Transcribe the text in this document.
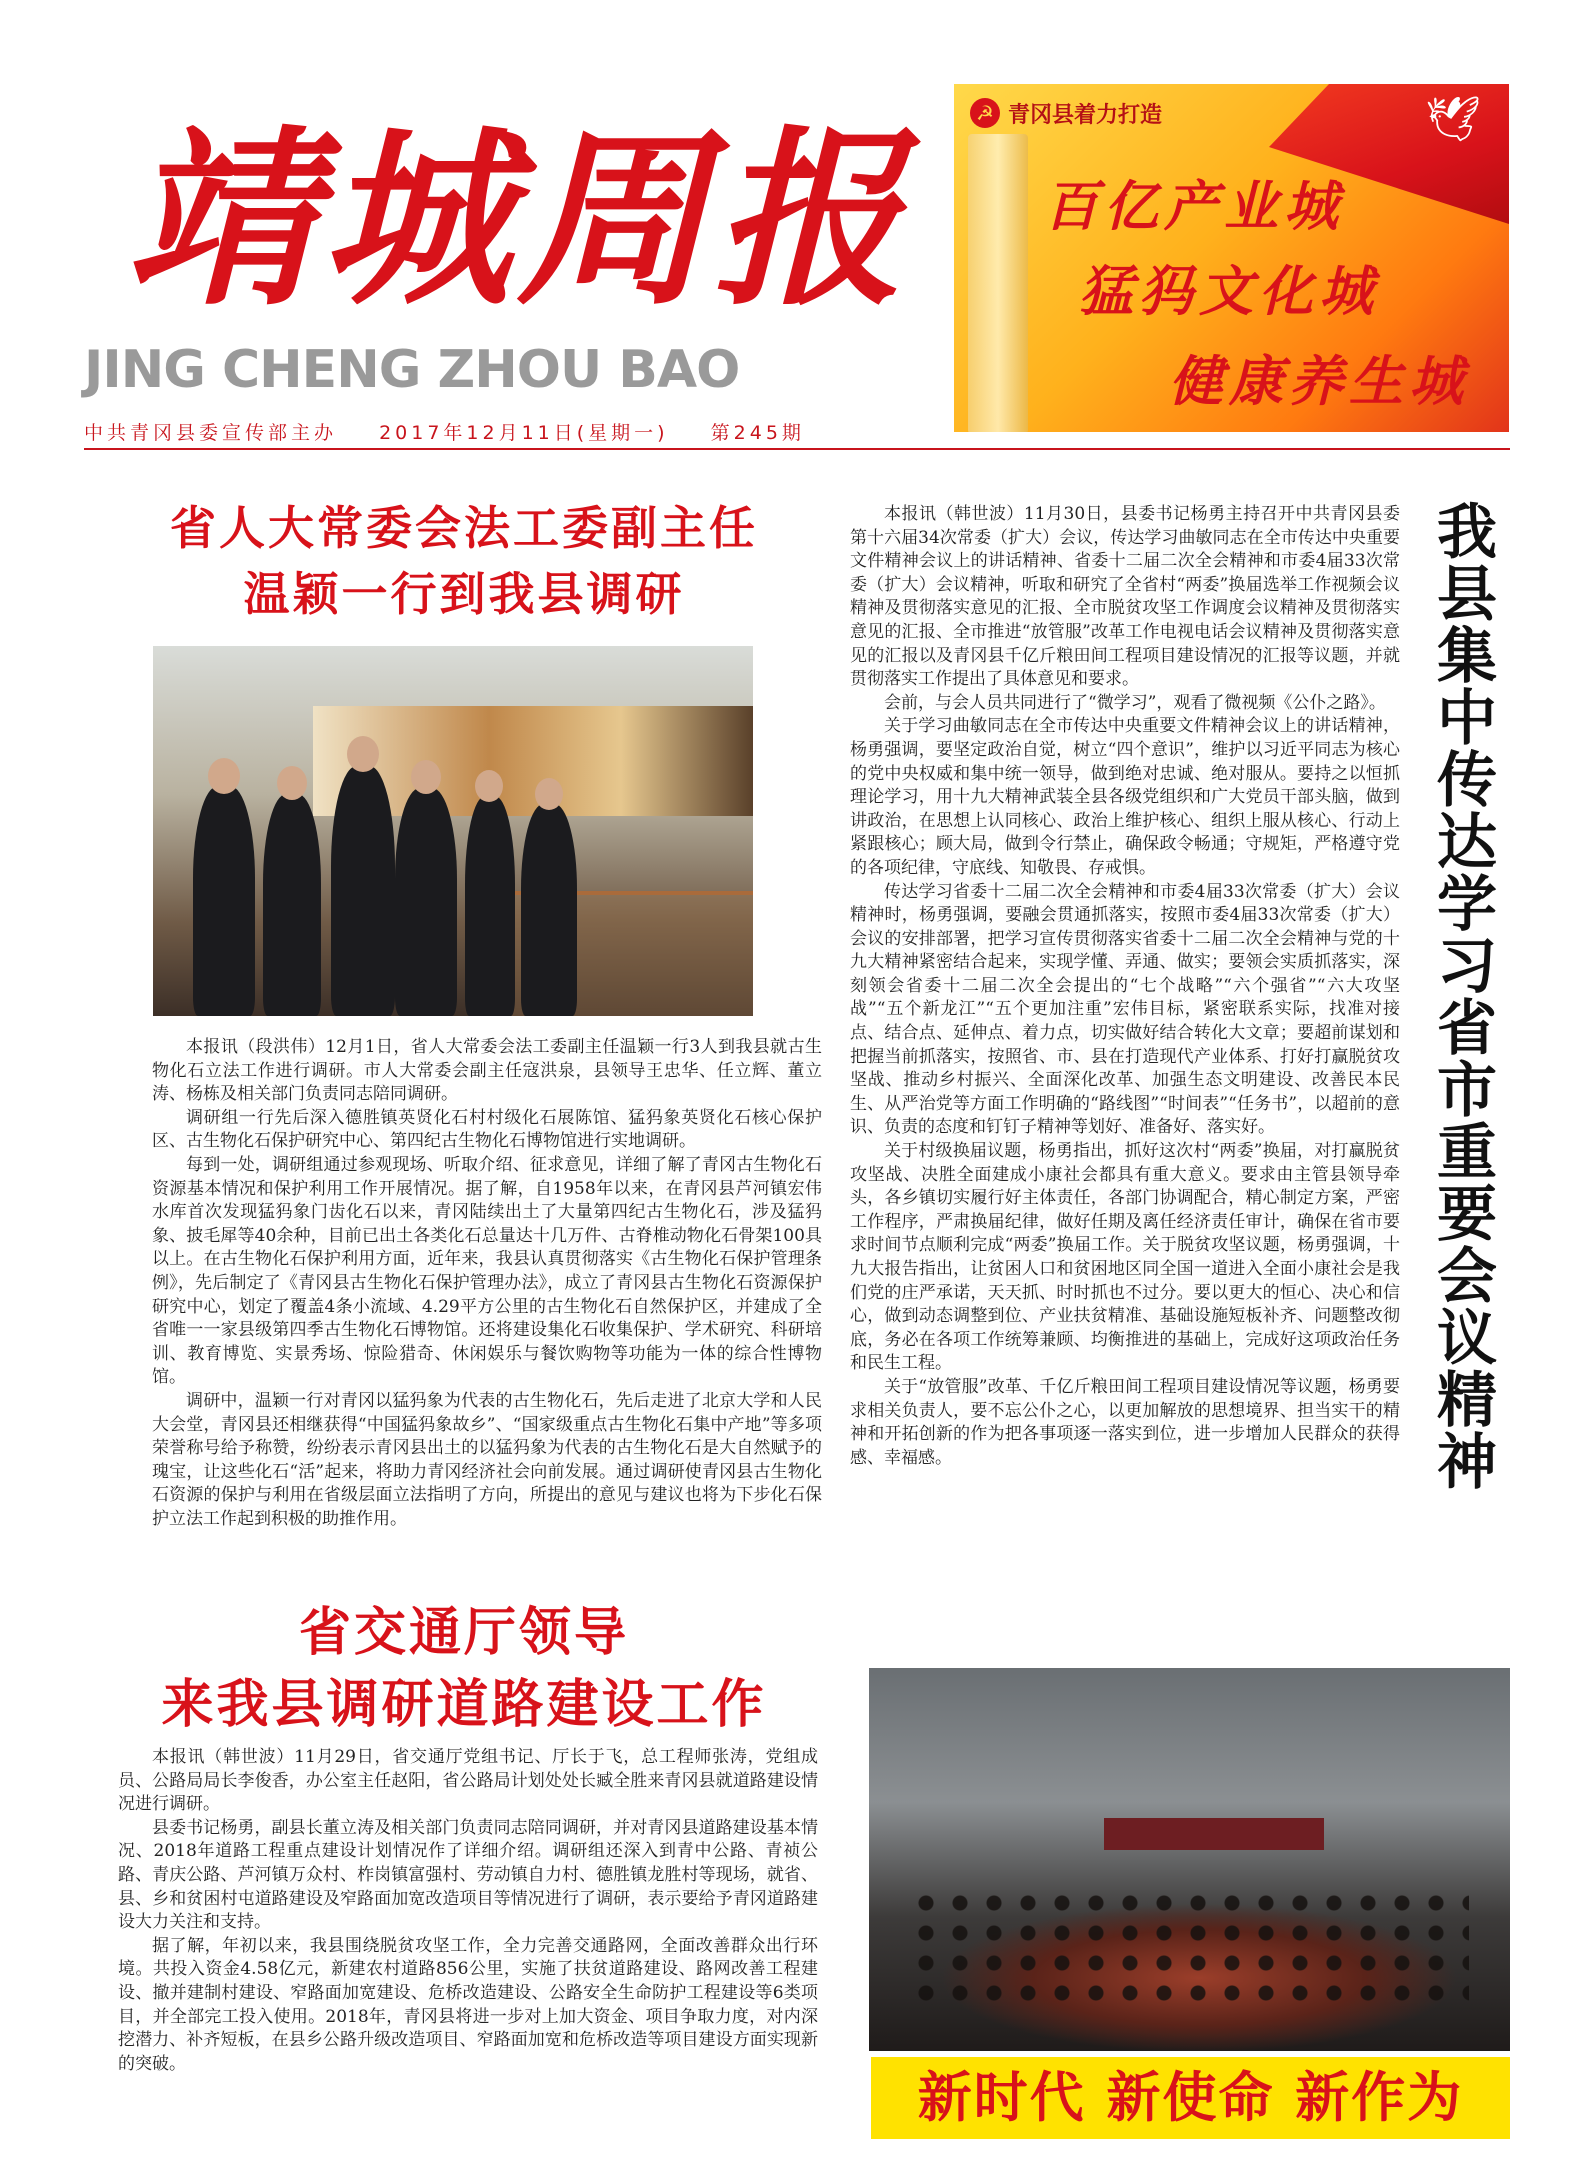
靖城周报
JING CHENG ZHOU BAO
中共青冈县委宣传部主办 2017年12月11日(星期一) 第245期
🕊
☭ 青冈县着力打造
百亿产业城
猛犸文化城
健康养生城
省人大常委会法工委副主任
温颖一行到我县调研

本报讯（段洪伟）12月1日，省人大常委会法工委副主任温颖一行3人到我县就古生物化石立法工作进行调研。市人大常委会副主任寇洪泉，县领导王忠华、任立辉、董立涛、杨栋及相关部门负责同志陪同调研。

调研组一行先后深入德胜镇英贤化石村村级化石展陈馆、猛犸象英贤化石核心保护区、古生物化石保护研究中心、第四纪古生物化石博物馆进行实地调研。

每到一处，调研组通过参观现场、听取介绍、征求意见，详细了解了青冈古生物化石资源基本情况和保护利用工作开展情况。据了解，自1958年以来，在青冈县芦河镇宏伟水库首次发现猛犸象门齿化石以来，青冈陆续出土了大量第四纪古生物化石，涉及猛犸象、披毛犀等40余种，目前已出土各类化石总量达十几万件、古脊椎动物化石骨架100具以上。在古生物化石保护利用方面，近年来，我县认真贯彻落实《古生物化石保护管理条例》，先后制定了《青冈县古生物化石保护管理办法》，成立了青冈县古生物化石资源保护研究中心，划定了覆盖4条小流域、4.29平方公里的古生物化石自然保护区，并建成了全省唯一一家县级第四季古生物化石博物馆。还将建设集化石收集保护、学术研究、科研培训、教育博览、实景秀场、惊险猎奇、休闲娱乐与餐饮购物等功能为一体的综合性博物馆。

调研中，温颖一行对青冈以猛犸象为代表的古生物化石，先后走进了北京大学和人民大会堂，青冈县还相继获得“中国猛犸象故乡”、“国家级重点古生物化石集中产地”等多项荣誉称号给予称赞，纷纷表示青冈县出土的以猛犸象为代表的古生物化石是大自然赋予的瑰宝，让这些化石“活”起来，将助力青冈经济社会向前发展。通过调研使青冈县古生物化石资源的保护与利用在省级层面立法指明了方向，所提出的意见与建议也将为下步化石保护立法工作起到积极的助推作用。

我县集中传达学习省市重要会议精神

本报讯（韩世波）11月30日，县委书记杨勇主持召开中共青冈县委第十六届34次常委（扩大）会议，传达学习曲敏同志在全市传达中央重要文件精神会议上的讲话精神、省委十二届二次全会精神和市委4届33次常委（扩大）会议精神，听取和研究了全省村“两委”换届选举工作视频会议精神及贯彻落实意见的汇报、全市脱贫攻坚工作调度会议精神及贯彻落实意见的汇报、全市推进“放管服”改革工作电视电话会议精神及贯彻落实意见的汇报以及青冈县千亿斤粮田间工程项目建设情况的汇报等议题，并就贯彻落实工作提出了具体意见和要求。

会前，与会人员共同进行了“微学习”，观看了微视频《公仆之路》。

关于学习曲敏同志在全市传达中央重要文件精神会议上的讲话精神，杨勇强调，要坚定政治自觉，树立“四个意识”，维护以习近平同志为核心的党中央权威和集中统一领导，做到绝对忠诚、绝对服从。要持之以恒抓理论学习，用十九大精神武装全县各级党组织和广大党员干部头脑，做到讲政治，在思想上认同核心、政治上维护核心、组织上服从核心、行动上紧跟核心；顾大局，做到令行禁止，确保政令畅通；守规矩，严格遵守党的各项纪律，守底线、知敬畏、存戒惧。

传达学习省委十二届二次全会精神和市委4届33次常委（扩大）会议精神时，杨勇强调，要融会贯通抓落实，按照市委4届33次常委（扩大）会议的安排部署，把学习宣传贯彻落实省委十二届二次全会精神与党的十九大精神紧密结合起来，实现学懂、弄通、做实；要领会实质抓落实，深刻领会省委十二届二次全会提出的“七个战略”“六个强省”“六大攻坚战”“五个新龙江”“五个更加注重”宏伟目标，紧密联系实际，找准对接点、结合点、延伸点、着力点，切实做好结合转化大文章；要超前谋划和把握当前抓落实，按照省、市、县在打造现代产业体系、打好打赢脱贫攻坚战、推动乡村振兴、全面深化改革、加强生态文明建设、改善民本民生、从严治党等方面工作明确的“路线图”“时间表”“任务书”，以超前的意识、负责的态度和钉钉子精神等划好、准备好、落实好。

关于村级换届议题，杨勇指出，抓好这次村“两委”换届，对打赢脱贫攻坚战、决胜全面建成小康社会都具有重大意义。要求由主管县领导牵头，各乡镇切实履行好主体责任，各部门协调配合，精心制定方案，严密工作程序，严肃换届纪律，做好任期及离任经济责任审计，确保在省市要求时间节点顺利完成“两委”换届工作。关于脱贫攻坚议题，杨勇强调，十九大报告指出，让贫困人口和贫困地区同全国一道进入全面小康社会是我们党的庄严承诺，天天抓、时时抓也不过分。要以更大的恒心、决心和信心，做到动态调整到位、产业扶贫精准、基础设施短板补齐、问题整改彻底，务必在各项工作统筹兼顾、均衡推进的基础上，完成好这项政治任务和民生工程。

关于“放管服”改革、千亿斤粮田间工程项目建设情况等议题，杨勇要求相关负责人，要不忘公仆之心，以更加解放的思想境界、担当实干的精神和开拓创新的作为把各事项逐一落实到位，进一步增加人民群众的获得感、幸福感。

省交通厅领导
来我县调研道路建设工作

本报讯（韩世波）11月29日，省交通厅党组书记、厅长于飞，总工程师张涛，党组成员、公路局局长李俊香，办公室主任赵阳，省公路局计划处处长臧全胜来青冈县就道路建设情况进行调研。

县委书记杨勇，副县长董立涛及相关部门负责同志陪同调研，并对青冈县道路建设基本情况、2018年道路工程重点建设计划情况作了详细介绍。调研组还深入到青中公路、青祯公路、青庆公路、芦河镇万众村、柞岗镇富强村、劳动镇自力村、德胜镇龙胜村等现场，就省、县、乡和贫困村屯道路建设及窄路面加宽改造项目等情况进行了调研，表示要给予青冈道路建设大力关注和支持。

据了解，年初以来，我县围绕脱贫攻坚工作，全力完善交通路网，全面改善群众出行环境。共投入资金4.58亿元，新建农村道路856公里，实施了扶贫道路建设、路网改善工程建设、撤并建制村建设、窄路面加宽建设、危桥改造建设、公路安全生命防护工程建设等6类项目，并全部完工投入使用。2018年，青冈县将进一步对上加大资金、项目争取力度，对内深挖潜力、补齐短板，在县乡公路升级改造项目、窄路面加宽和危桥改造等项目建设方面实现新的突破。

新时代 新使命 新作为
